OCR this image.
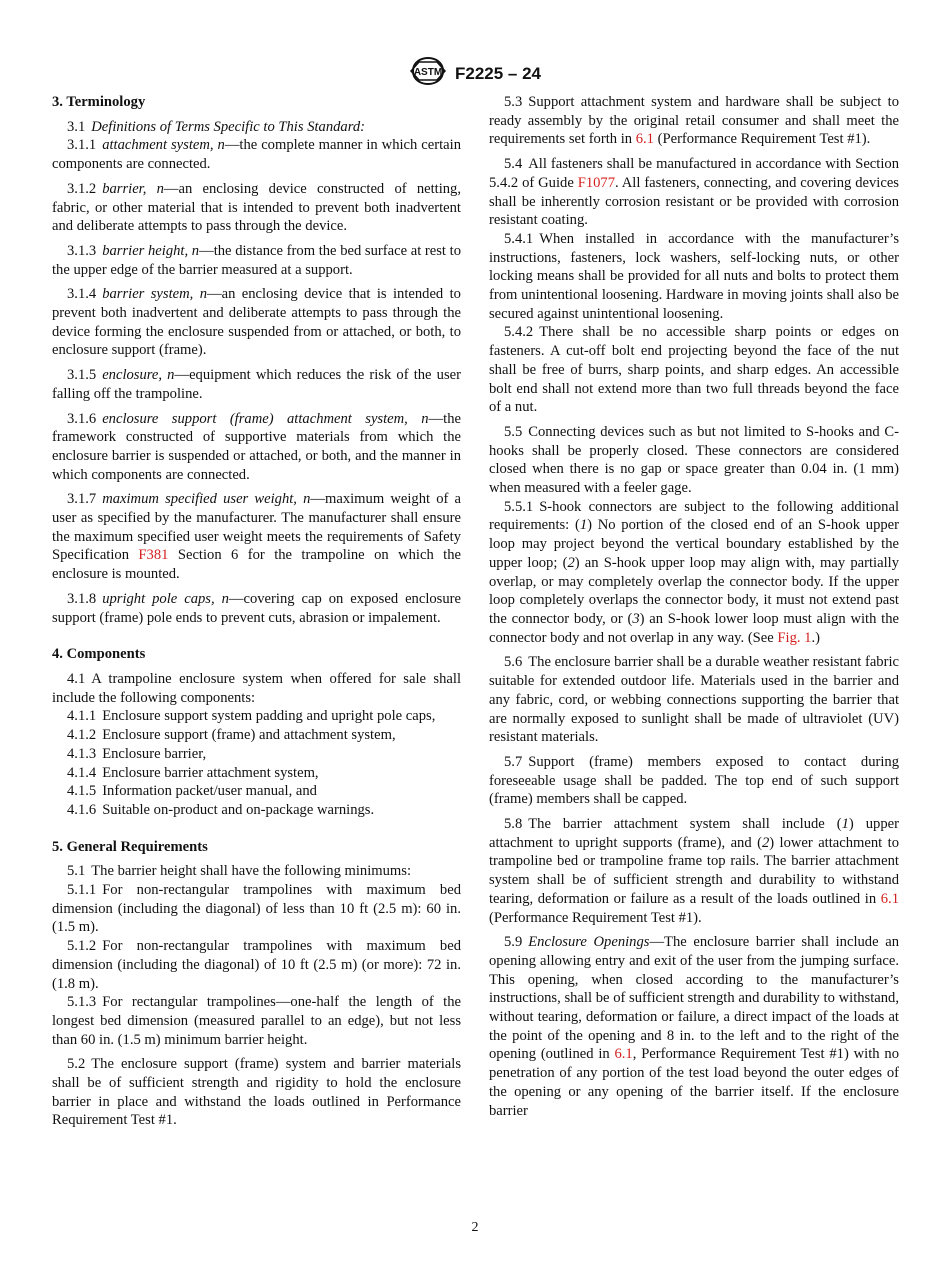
ASTM F2225 – 24
3. Terminology

3.1 Definitions of Terms Specific to This Standard:

3.1.1 attachment system, n—the complete manner in which certain components are connected.

3.1.2 barrier, n—an enclosing device constructed of netting, fabric, or other material that is intended to prevent both inadvertent and deliberate attempts to pass through the device.

3.1.3 barrier height, n—the distance from the bed surface at rest to the upper edge of the barrier measured at a support.

3.1.4 barrier system, n—an enclosing device that is intended to prevent both inadvertent and deliberate attempts to pass through the device forming the enclosure suspended from or attached, or both, to enclosure support (frame).

3.1.5 enclosure, n—equipment which reduces the risk of the user falling off the trampoline.

3.1.6 enclosure support (frame) attachment system, n—the framework constructed of supportive materials from which the enclosure barrier is suspended or attached, or both, and the manner in which components are connected.

3.1.7 maximum specified user weight, n—maximum weight of a user as specified by the manufacturer. The manufacturer shall ensure the maximum specified user weight meets the requirements of Safety Specification F381 Section 6 for the trampoline on which the enclosure is mounted.

3.1.8 upright pole caps, n—covering cap on exposed enclosure support (frame) pole ends to prevent cuts, abrasion or impalement.

4. Components

4.1 A trampoline enclosure system when offered for sale shall include the following components:

4.1.1 Enclosure support system padding and upright pole caps,

4.1.2 Enclosure support (frame) and attachment system,

4.1.3 Enclosure barrier,

4.1.4 Enclosure barrier attachment system,

4.1.5 Information packet/user manual, and

4.1.6 Suitable on-product and on-package warnings.

5. General Requirements

5.1 The barrier height shall have the following minimums:

5.1.1 For non-rectangular trampolines with maximum bed dimension (including the diagonal) of less than 10 ft (2.5 m): 60 in. (1.5 m).

5.1.2 For non-rectangular trampolines with maximum bed dimension (including the diagonal) of 10 ft (2.5 m) (or more): 72 in. (1.8 m).

5.1.3 For rectangular trampolines—one-half the length of the longest bed dimension (measured parallel to an edge), but not less than 60 in. (1.5 m) minimum barrier height.

5.2 The enclosure support (frame) system and barrier materials shall be of sufficient strength and rigidity to hold the enclosure barrier in place and withstand the loads outlined in Performance Requirement Test #1.

5.3 Support attachment system and hardware shall be subject to ready assembly by the original retail consumer and shall meet the requirements set forth in 6.1 (Performance Requirement Test #1).

5.4 All fasteners shall be manufactured in accordance with Section 5.4.2 of Guide F1077. All fasteners, connecting, and covering devices shall be inherently corrosion resistant or be provided with corrosion resistant coating.

5.4.1 When installed in accordance with the manufacturer’s instructions, fasteners, lock washers, self-locking nuts, or other locking means shall be provided for all nuts and bolts to protect them from unintentional loosening. Hardware in moving joints shall also be secured against unintentional loosening.

5.4.2 There shall be no accessible sharp points or edges on fasteners. A cut-off bolt end projecting beyond the face of the nut shall be free of burrs, sharp points, and sharp edges. An accessible bolt end shall not extend more than two full threads beyond the face of a nut.

5.5 Connecting devices such as but not limited to S-hooks and C-hooks shall be properly closed. These connectors are considered closed when there is no gap or space greater than 0.04 in. (1 mm) when measured with a feeler gage.

5.5.1 S-hook connectors are subject to the following additional requirements: (1) No portion of the closed end of an S-hook upper loop may project beyond the vertical boundary established by the upper loop; (2) an S-hook upper loop may align with, may partially overlap, or may completely overlap the connector body. If the upper loop completely overlaps the connector body, it must not extend past the connector body, or (3) an S-hook lower loop must align with the connector body and not overlap in any way. (See Fig. 1.)

5.6 The enclosure barrier shall be a durable weather resistant fabric suitable for extended outdoor life. Materials used in the barrier and any fabric, cord, or webbing connections supporting the barrier that are normally exposed to sunlight shall be made of ultraviolet (UV) resistant materials.

5.7 Support (frame) members exposed to contact during foreseeable usage shall be padded. The top end of such support (frame) members shall be capped.

5.8 The barrier attachment system shall include (1) upper attachment to upright supports (frame), and (2) lower attachment to trampoline bed or trampoline frame top rails. The barrier attachment system shall be of sufficient strength and durability to withstand tearing, deformation or failure as a result of the loads outlined in 6.1 (Performance Requirement Test #1).

5.9 Enclosure Openings—The enclosure barrier shall include an opening allowing entry and exit of the user from the jumping surface. This opening, when closed according to the manufacturer’s instructions, shall be of sufficient strength and durability to withstand, without tearing, deformation or failure, a direct impact of the loads at the point of the opening and 8 in. to the left and to the right of the opening (outlined in 6.1, Performance Requirement Test #1) with no penetration of any portion of the test load beyond the outer edges of the opening or any opening of the barrier itself. If the enclosure barrier

2
